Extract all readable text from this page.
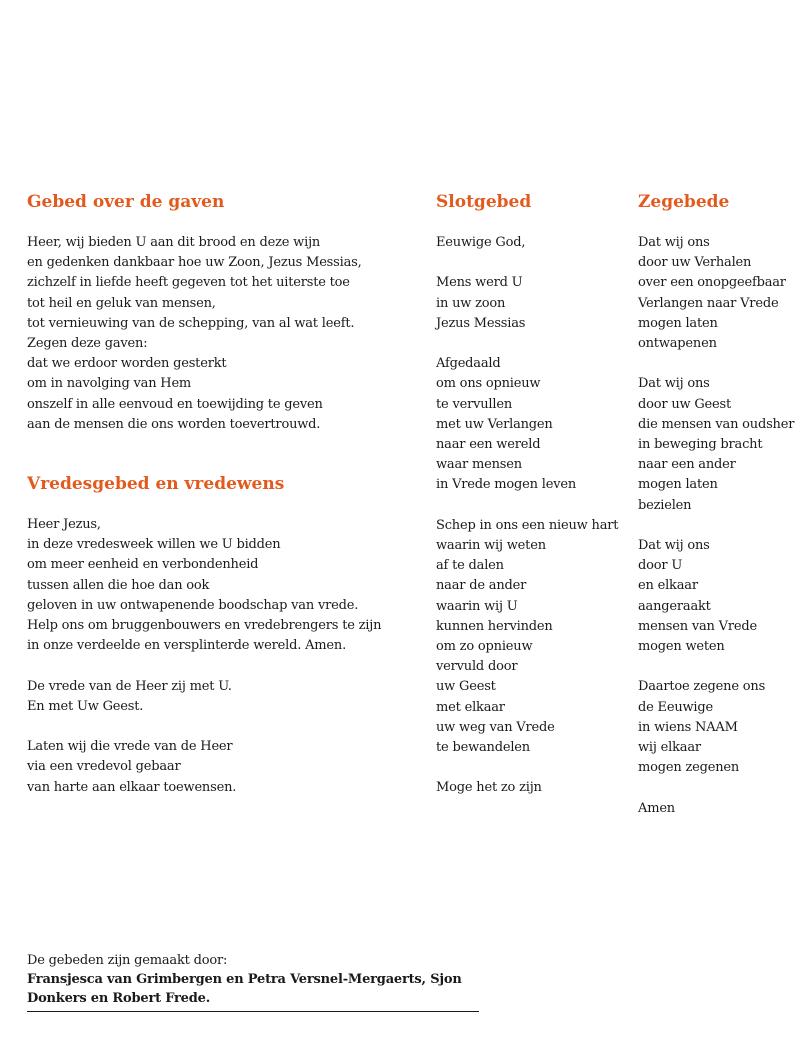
Gebed over de gaven
Heer, wij bieden U aan dit brood en deze wijn
en gedenken dankbaar hoe uw Zoon, Jezus Messias,
zichzelf in liefde heeft gegeven tot het uiterste toe
tot heil en geluk van mensen,
tot vernieuwing van de schepping, van al wat leeft.
Zegen deze gaven:
dat we erdoor worden gesterkt
om in navolging van Hem
onszelf in alle eenvoud en toewijding te geven
aan de mensen die ons worden toevertrouwd.
Vredesgebed en vredewens
Heer Jezus,
in deze vredesweek willen we U bidden
om meer eenheid en verbondenheid
tussen allen die hoe dan ook
geloven in uw ontwapenende boodschap van vrede.
Help ons om bruggenbouwers en vredebrengers te zijn
in onze verdeelde en versplinterde wereld. Amen.
De vrede van de Heer zij met U.
En met Uw Geest.
Laten wij die vrede van de Heer
via een vredevol gebaar
van harte aan elkaar toewensen.
Slotgebed
Eeuwige God,
Mens werd U
in uw zoon
Jezus Messias
Afgedaald
om ons opnieuw
te vervullen
met uw Verlangen
naar een wereld
waar mensen
in Vrede mogen leven
Schep in ons een nieuw hart
waarin wij weten
af te dalen
naar de ander
waarin wij U
kunnen hervinden
om zo opnieuw
vervuld door
uw Geest
met elkaar
uw weg van Vrede
te bewandelen
Moge het zo zijn
Zegebede
Dat wij ons
door uw Verhalen
over een onopgeefbaar
Verlangen naar Vrede
mogen laten
ontwapenen
Dat wij ons
door uw Geest
die mensen van oudsher
in beweging bracht
naar een ander
mogen laten
bezielen
Dat wij ons
door U
en elkaar
aangeraakt
mensen van Vrede
mogen weten
Daartoe zegene ons
de Eeuwige
in wiens NAAM
wij elkaar
mogen zegenen
Amen
De gebeden zijn gemaakt door:
Fransjesca van Grimbergen en Petra Versnel-Mergaerts, Sjon Donkers en Robert Frede.
